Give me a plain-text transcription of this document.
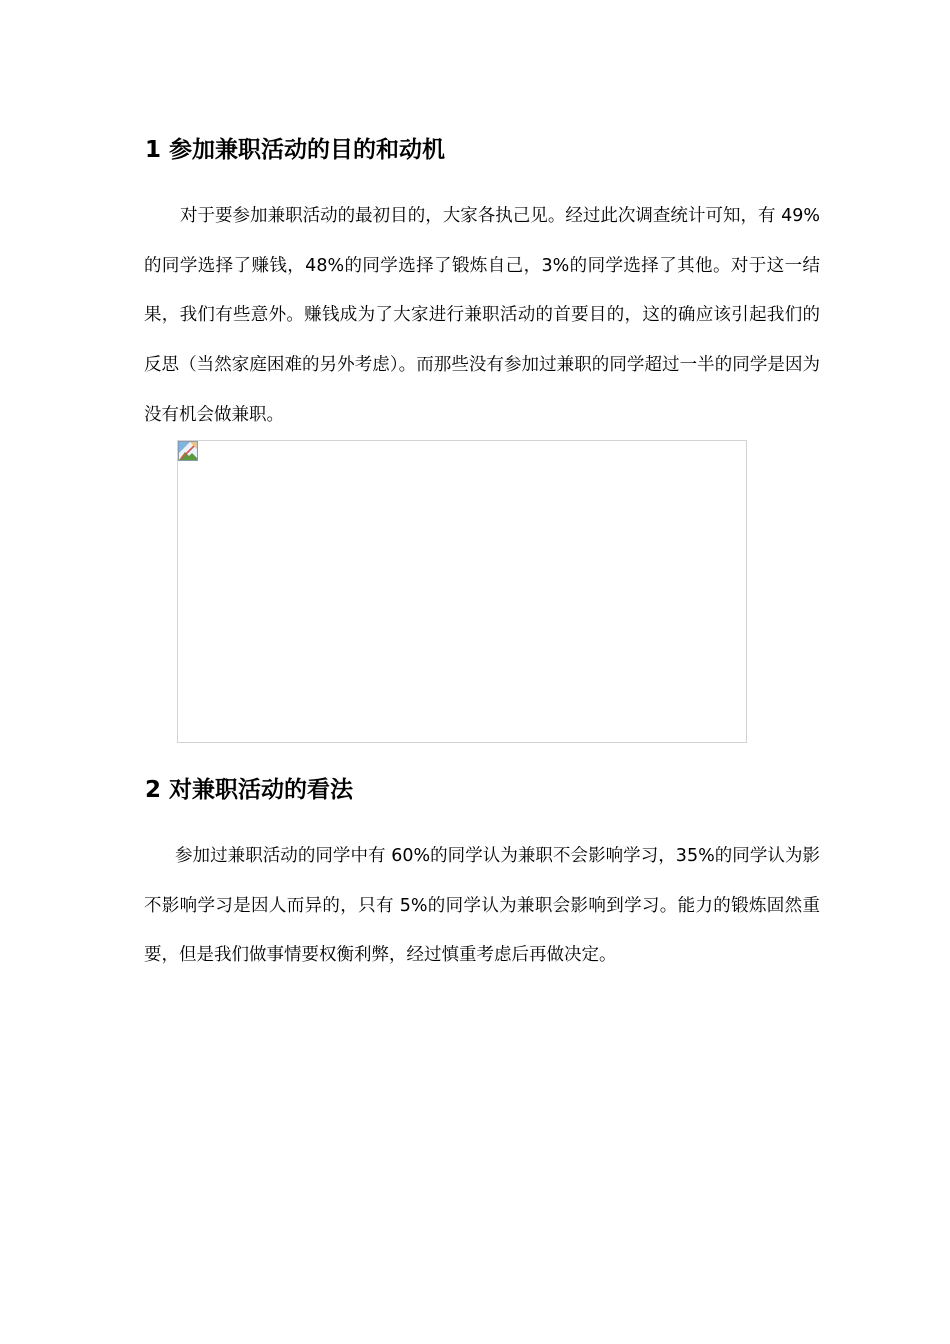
1 参加兼职活动的目的和动机

对于要参加兼职活动的最初目的，大家各执己见。经过此次调查统计可知，有 49%的同学选择了赚钱，48%的同学选择了锻炼自己，3%的同学选择了其他。对于这一结果，我们有些意外。赚钱成为了大家进行兼职活动的首要目的，这的确应该引起我们的反思（当然家庭困难的另外考虑）。而那些没有参加过兼职的同学超过一半的同学是因为没有机会做兼职。

2 对兼职活动的看法

参加过兼职活动的同学中有 60%的同学认为兼职不会影响学习，35%的同学认为影不影响学习是因人而异的，只有 5%的同学认为兼职会影响到学习。能力的锻炼固然重要，但是我们做事情要权衡利弊，经过慎重考虑后再做决定。
